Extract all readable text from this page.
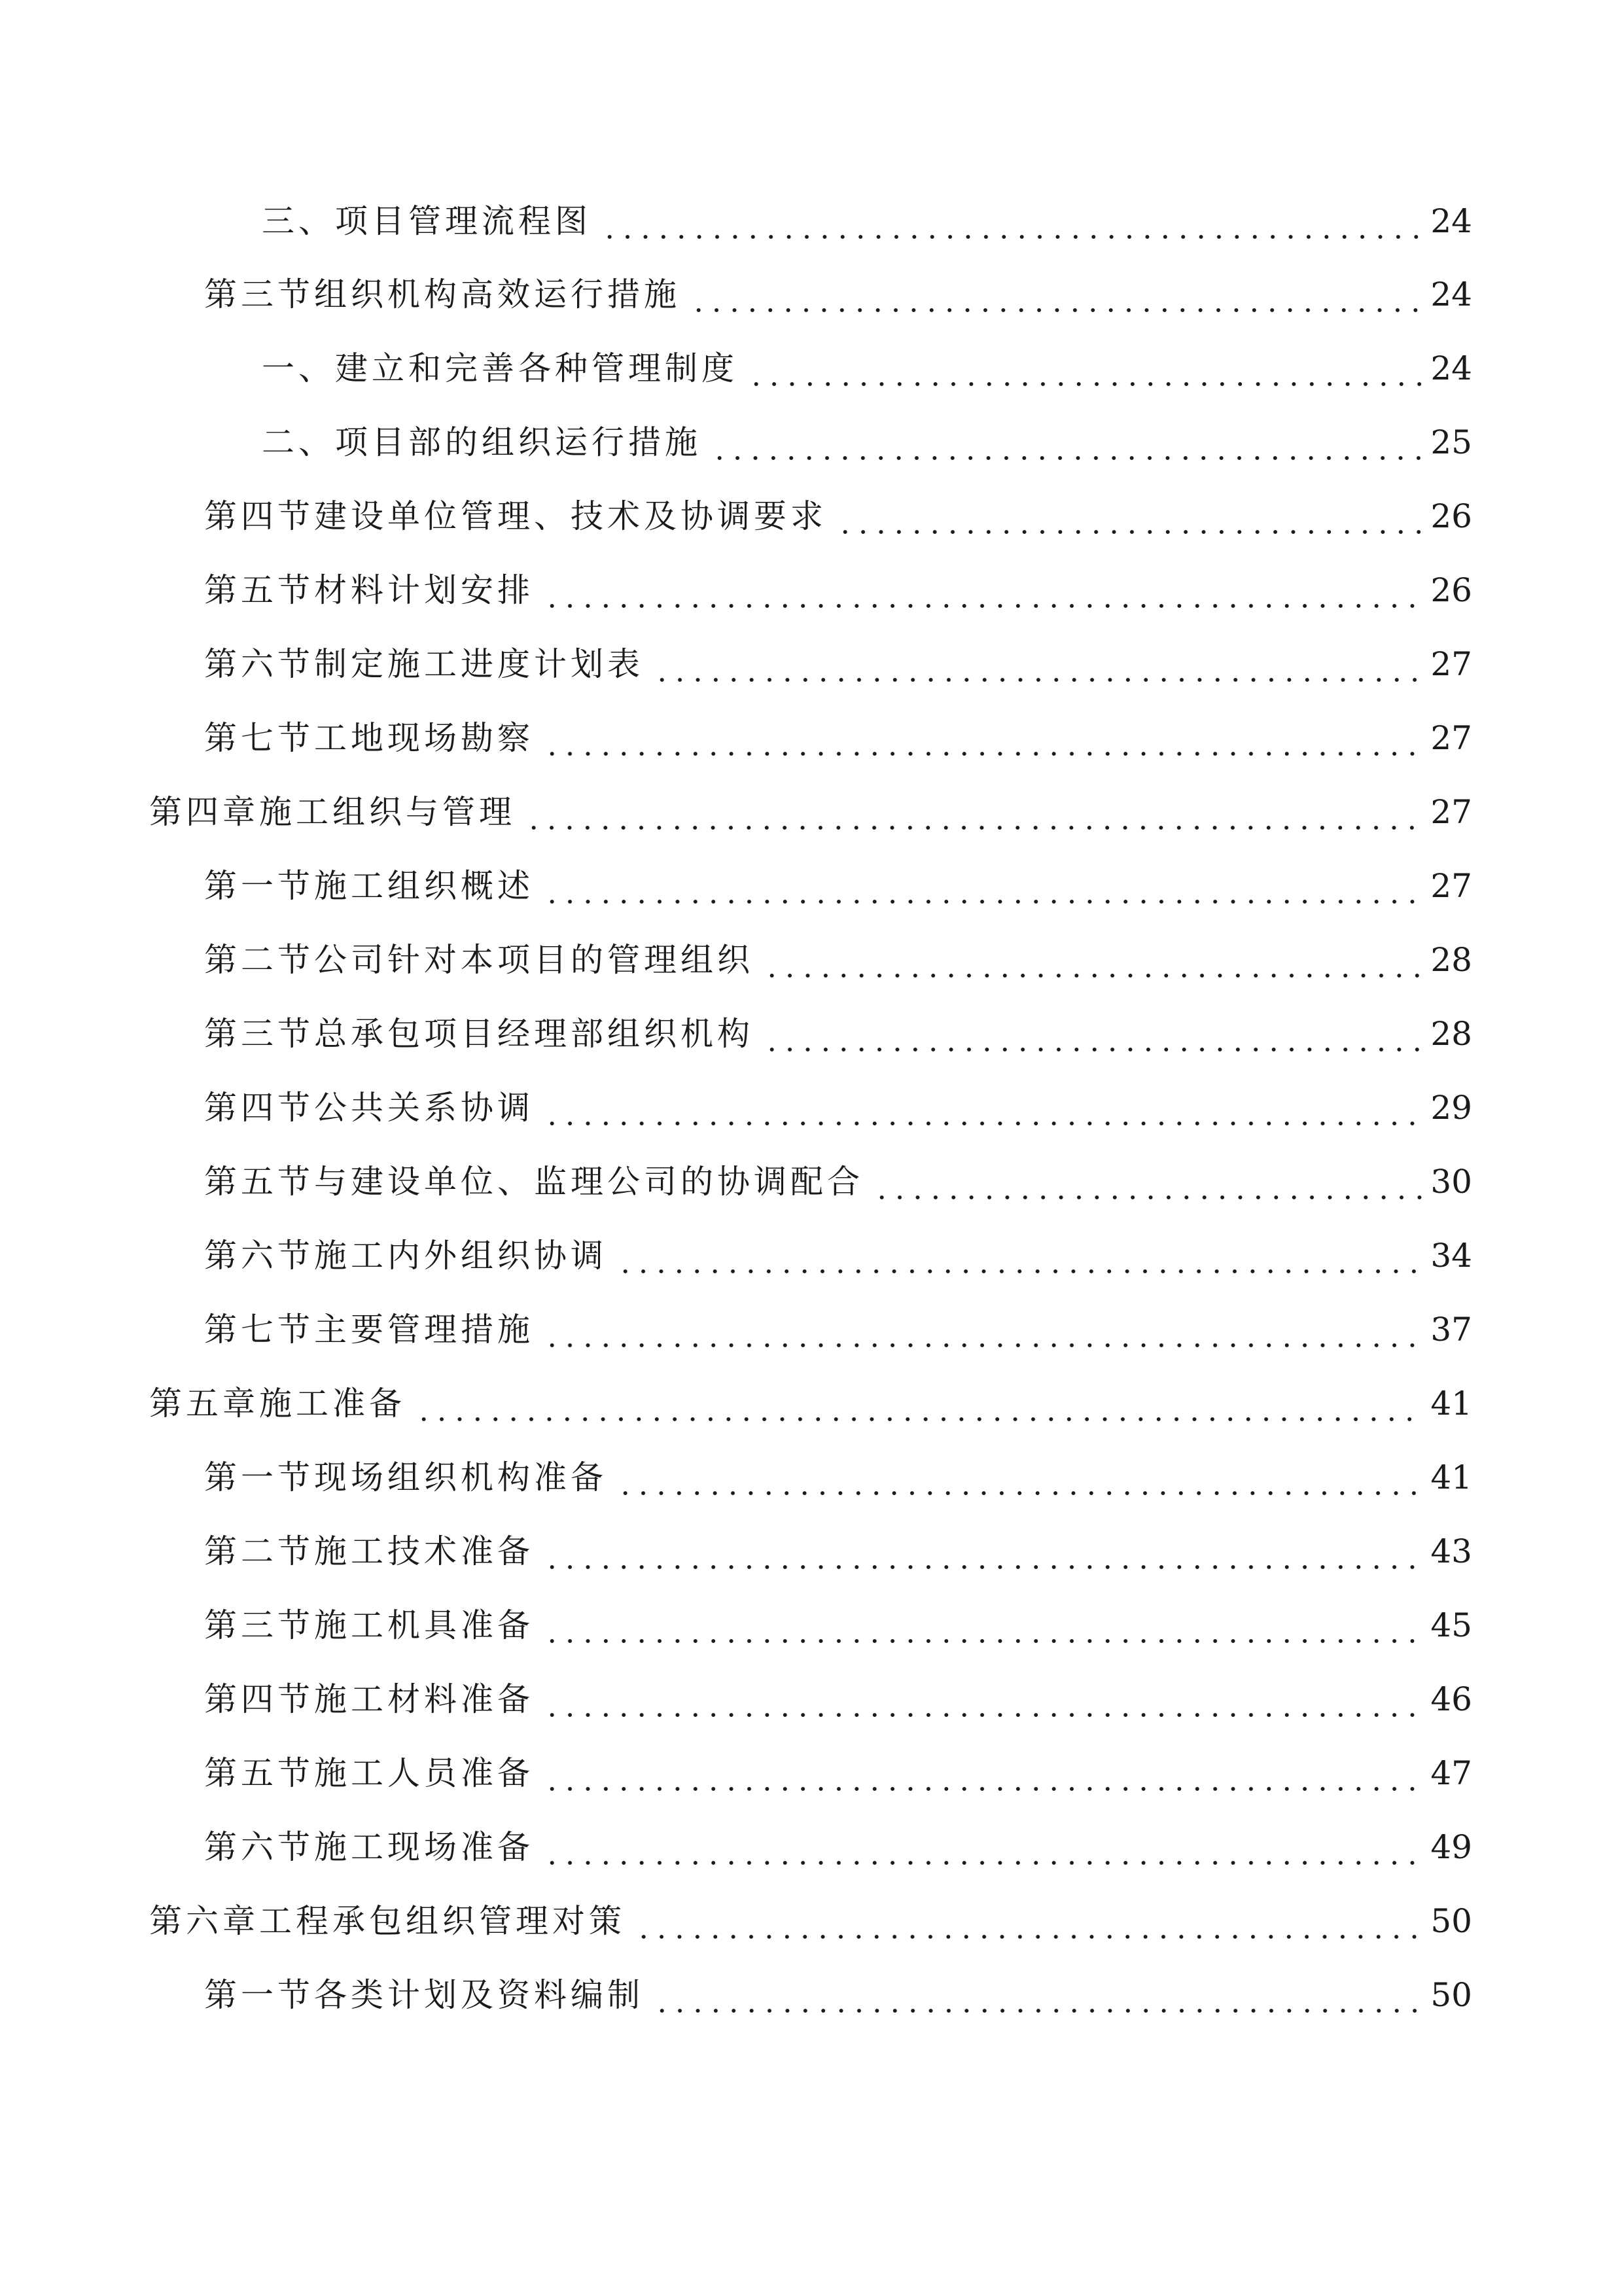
三、项目管理流程图	24
第三节组织机构高效运行措施	24
一、建立和完善各种管理制度	24
二、项目部的组织运行措施	25
第四节建设单位管理、技术及协调要求	26
第五节材料计划安排	26
第六节制定施工进度计划表	27
第七节工地现场勘察	27
第四章施工组织与管理	27
第一节施工组织概述	27
第二节公司针对本项目的管理组织	28
第三节总承包项目经理部组织机构	28
第四节公共关系协调	29
第五节与建设单位、监理公司的协调配合	30
第六节施工内外组织协调	34
第七节主要管理措施	37
第五章施工准备	41
第一节现场组织机构准备	41
第二节施工技术准备	43
第三节施工机具准备	45
第四节施工材料准备	46
第五节施工人员准备	47
第六节施工现场准备	49
第六章工程承包组织管理对策	50
第一节各类计划及资料编制	50
